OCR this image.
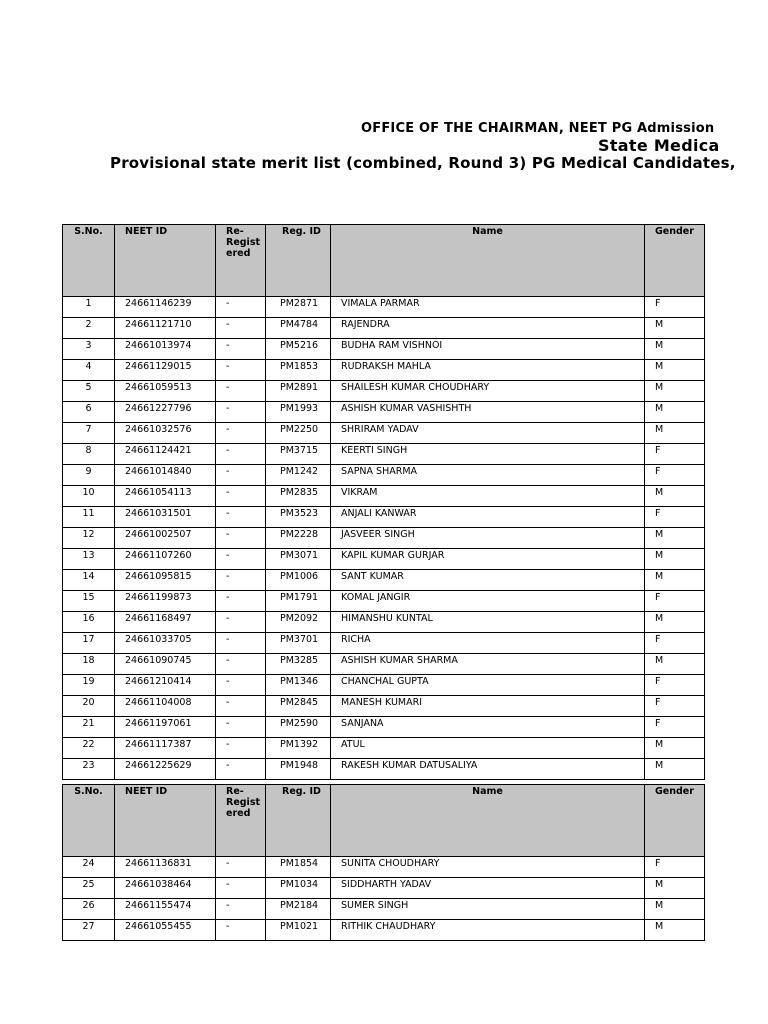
OFFICE OF THE CHAIRMAN, NEET PG Admission
State Medica
Provisional state merit list (combined, Round 3) PG Medical Candidates,
S.No.	NEET ID	Re-
Regist
ered	Reg. ID	Name	Gender
1	24661146239	-	PM2871	VIMALA PARMAR	F
2	24661121710	-	PM4784	RAJENDRA	M
3	24661013974	-	PM5216	BUDHA RAM VISHNOI	M
4	24661129015	-	PM1853	RUDRAKSH MAHLA	M
5	24661059513	-	PM2891	SHAILESH KUMAR CHOUDHARY	M
6	24661227796	-	PM1993	ASHISH KUMAR VASHISHTH	M
7	24661032576	-	PM2250	SHRIRAM YADAV	M
8	24661124421	-	PM3715	KEERTI SINGH	F
9	24661014840	-	PM1242	SAPNA SHARMA	F
10	24661054113	-	PM2835	VIKRAM	M
11	24661031501	-	PM3523	ANJALI KANWAR	F
12	24661002507	-	PM2228	JASVEER SINGH	M
13	24661107260	-	PM3071	KAPIL KUMAR GURJAR	M
14	24661095815	-	PM1006	SANT KUMAR	M
15	24661199873	-	PM1791	KOMAL JANGIR	F
16	24661168497	-	PM2092	HIMANSHU KUNTAL	M
17	24661033705	-	PM3701	RICHA	F
18	24661090745	-	PM3285	ASHISH KUMAR SHARMA	M
19	24661210414	-	PM1346	CHANCHAL GUPTA	F
20	24661104008	-	PM2845	MANESH KUMARI	F
21	24661197061	-	PM2590	SANJANA	F
22	24661117387	-	PM1392	ATUL	M
23	24661225629	-	PM1948	RAKESH KUMAR DATUSALIYA	M
S.No.	NEET ID	Re-
Regist
ered	Reg. ID	Name	Gender
24	24661136831	-	PM1854	SUNITA CHOUDHARY	F
25	24661038464	-	PM1034	SIDDHARTH YADAV	M
26	24661155474	-	PM2184	SUMER SINGH	M
27	24661055455	-	PM1021	RITHIK CHAUDHARY	M
